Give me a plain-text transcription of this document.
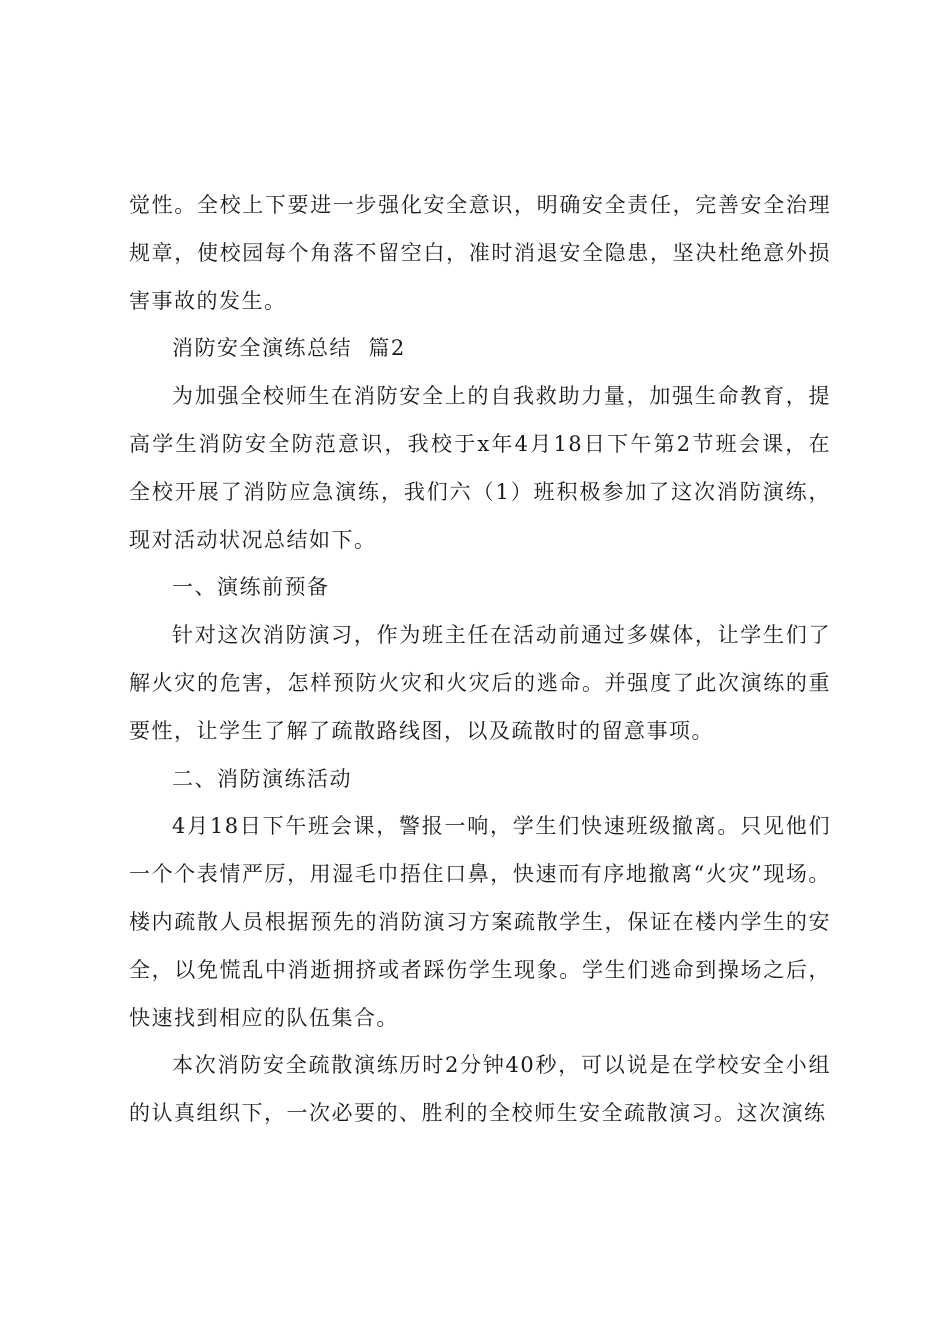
觉性。全校上下要进一步强化安全意识，明确安全责任，完善安全治理规章，使校园每个角落不留空白，准时消退安全隐患，坚决杜绝意外损害事故的发生。

消防安全演练总结  篇2

为加强全校师生在消防安全上的自我救助力量，加强生命教育，提高学生消防安全防范意识，我校于x年4月18日下午第2节班会课，在全校开展了消防应急演练，我们六（1）班积极参加了这次消防演练，现对活动状况总结如下。

一、演练前预备

针对这次消防演习，作为班主任在活动前通过多媒体，让学生们了解火灾的危害，怎样预防火灾和火灾后的逃命。并强度了此次演练的重要性，让学生了解了疏散路线图，以及疏散时的留意事项。

二、消防演练活动

4月18日下午班会课，警报一响，学生们快速班级撤离。只见他们一个个表情严厉，用湿毛巾捂住口鼻，快速而有序地撤离“火灾”现场。楼内疏散人员根据预先的消防演习方案疏散学生，保证在楼内学生的安全，以免慌乱中消逝拥挤或者踩伤学生现象。学生们逃命到操场之后，快速找到相应的队伍集合。

本次消防安全疏散演练历时2分钟40秒，可以说是在学校安全小组的认真组织下，一次必要的、胜利的全校师生安全疏散演习。这次演练
